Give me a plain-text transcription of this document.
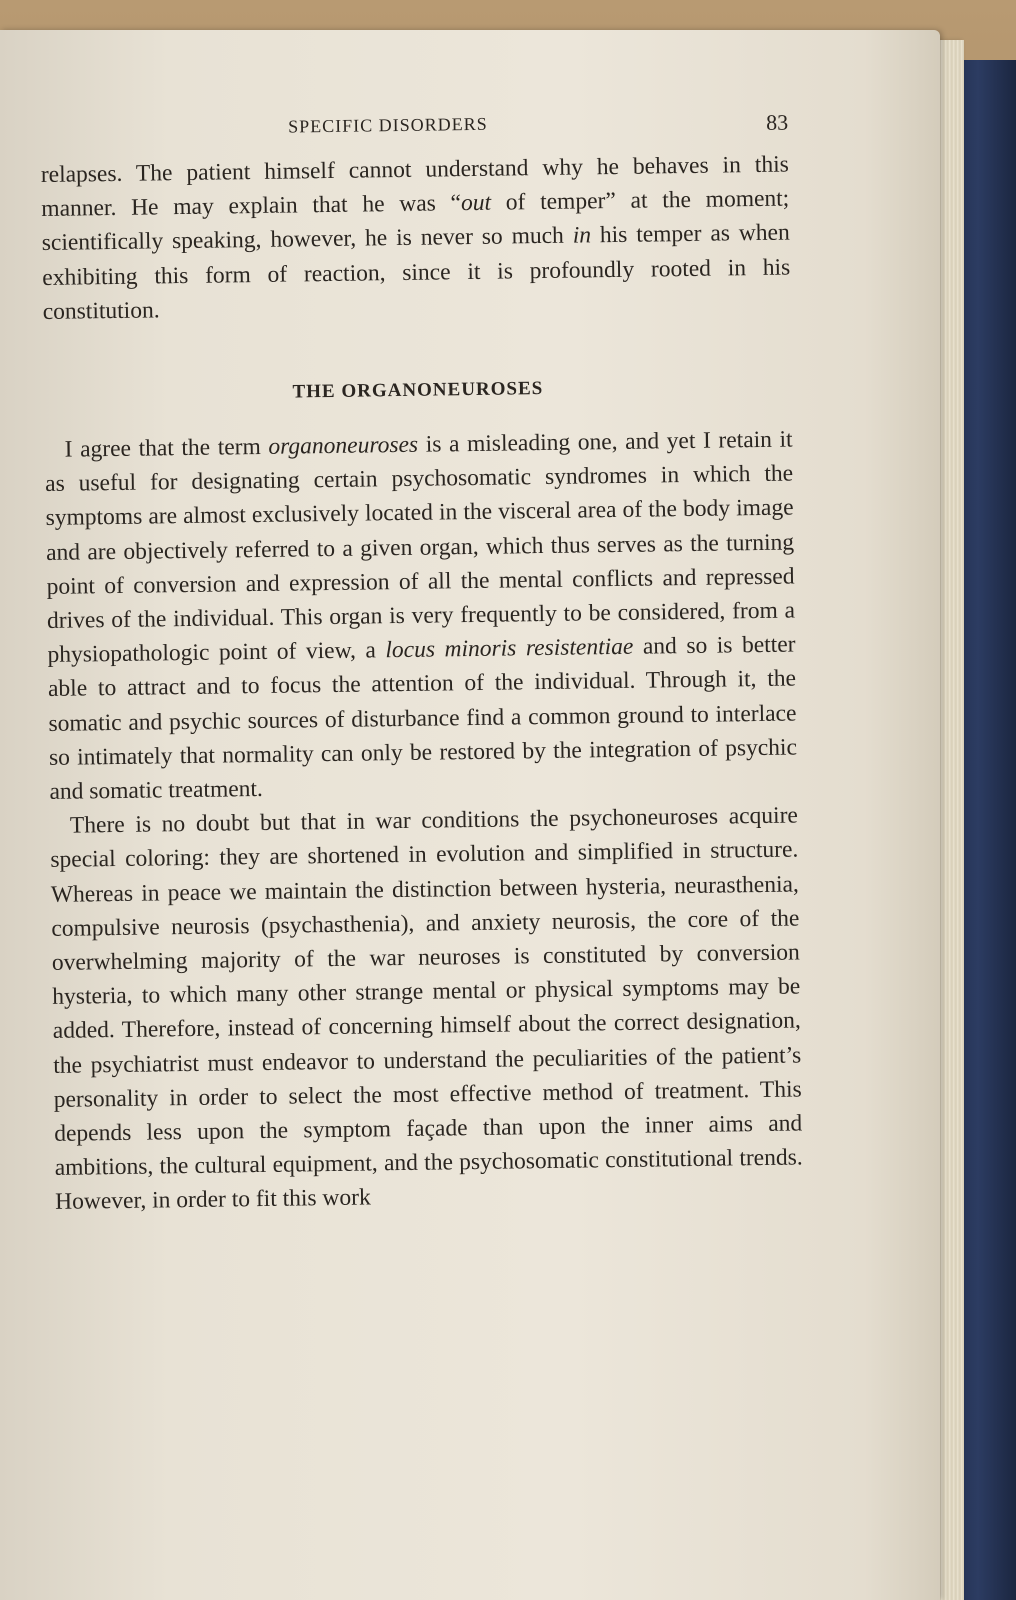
SPECIFIC DISORDERS	83

relapses. The patient himself cannot understand why he behaves in this manner. He may explain that he was “out of temper” at the moment; scientifically speaking, however, he is never so much in his temper as when exhibiting this form of reaction, since it is profoundly rooted in his constitution.

THE ORGANONEUROSES

I agree that the term organoneuroses is a misleading one, and yet I retain it as useful for designating certain psychosomatic syndromes in which the symptoms are almost exclusively located in the visceral area of the body image and are objectively referred to a given organ, which thus serves as the turning point of conversion and expression of all the mental conflicts and repressed drives of the individual. This organ is very frequently to be considered, from a physiopathologic point of view, a locus minoris resistentiae and so is better able to attract and to focus the attention of the individual. Through it, the somatic and psychic sources of disturbance find a common ground to interlace so intimately that normality can only be restored by the integration of psychic and somatic treatment.

There is no doubt but that in war conditions the psychoneuroses acquire special coloring: they are shortened in evolution and simplified in structure. Whereas in peace we maintain the distinction between hysteria, neurasthenia, compulsive neurosis (psychasthenia), and anxiety neurosis, the core of the overwhelming majority of the war neuroses is constituted by conversion hysteria, to which many other strange mental or physical symptoms may be added. Therefore, instead of concerning himself about the correct designation, the psychiatrist must endeavor to understand the peculiarities of the patient’s personality in order to select the most effective method of treatment. This depends less upon the symptom façade than upon the inner aims and ambitions, the cultural equipment, and the psychosomatic constitutional trends. However, in order to fit this work
